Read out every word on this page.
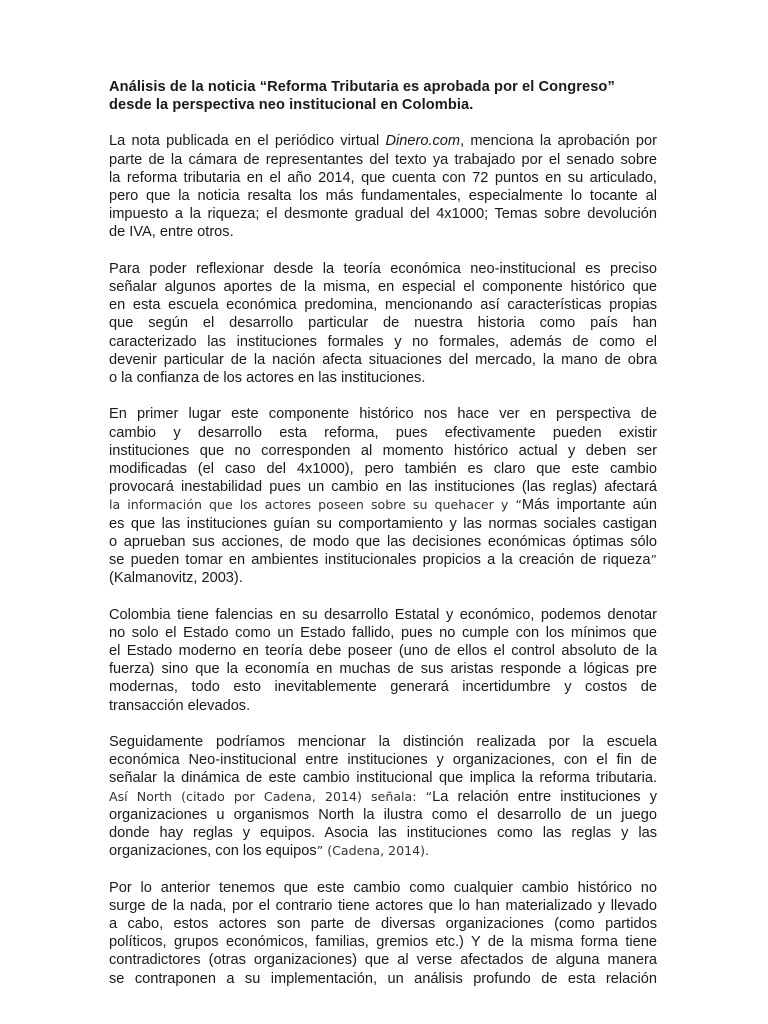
Análisis de la noticia “Reforma Tributaria es aprobada por el Congreso”
desde la perspectiva neo institucional en Colombia.
La nota publicada en el periódico virtual Dinero.com, menciona la aprobación por
parte de la cámara de representantes del texto ya trabajado por el senado sobre
la reforma tributaria en el año 2014, que cuenta con 72 puntos en su articulado,
pero que la noticia resalta los más fundamentales, especialmente lo tocante al
impuesto a la riqueza; el desmonte gradual del 4x1000; Temas sobre devolución
de IVA, entre otros.
Para poder reflexionar desde la teoría económica neo-institucional es preciso
señalar algunos aportes de la misma, en especial el componente histórico que
en esta escuela económica predomina, mencionando así características propias
que según el desarrollo particular de nuestra historia como país han
caracterizado las instituciones formales y no formales, además de como el
devenir particular de la nación afecta situaciones del mercado, la mano de obra
o la confianza de los actores en las instituciones.
En primer lugar este componente histórico nos hace ver en perspectiva de
cambio y desarrollo esta reforma, pues efectivamente pueden existir
instituciones que no corresponden al momento histórico actual y deben ser
modificadas (el caso del 4x1000), pero también es claro que este cambio
provocará inestabilidad pues un cambio en las instituciones (las reglas) afectará
la información que los actores poseen sobre su quehacer y “Más importante aún
es que las instituciones guían su comportamiento y las normas sociales castigan
o aprueban sus acciones, de modo que las decisiones económicas óptimas sólo
se pueden tomar en ambientes institucionales propicios a la creación de riqueza”
(Kalmanovitz, 2003).
Colombia tiene falencias en su desarrollo Estatal y económico, podemos denotar
no solo el Estado como un Estado fallido, pues no cumple con los mínimos que
el Estado moderno en teoría debe poseer (uno de ellos el control absoluto de la
fuerza) sino que la economía en muchas de sus aristas responde a lógicas pre
modernas, todo esto inevitablemente generará incertidumbre y costos de
transacción elevados.
Seguidamente podríamos mencionar la distinción realizada por la escuela
económica Neo-institucional entre instituciones y organizaciones, con el fin de
señalar la dinámica de este cambio institucional que implica la reforma tributaria.
Así North (citado por Cadena, 2014) señala: “La relación entre instituciones y
organizaciones u organismos North la ilustra como el desarrollo de un juego
donde hay reglas y equipos. Asocia las instituciones como las reglas y las
organizaciones, con los equipos” (Cadena, 2014).
Por lo anterior tenemos que este cambio como cualquier cambio histórico no
surge de la nada, por el contrario tiene actores que lo han materializado y llevado
a cabo, estos actores son parte de diversas organizaciones (como partidos
políticos, grupos económicos, familias, gremios etc.) Y de la misma forma tiene
contradictores (otras organizaciones) que al verse afectados de alguna manera
se contraponen a su implementación, un análisis profundo de esta relación
